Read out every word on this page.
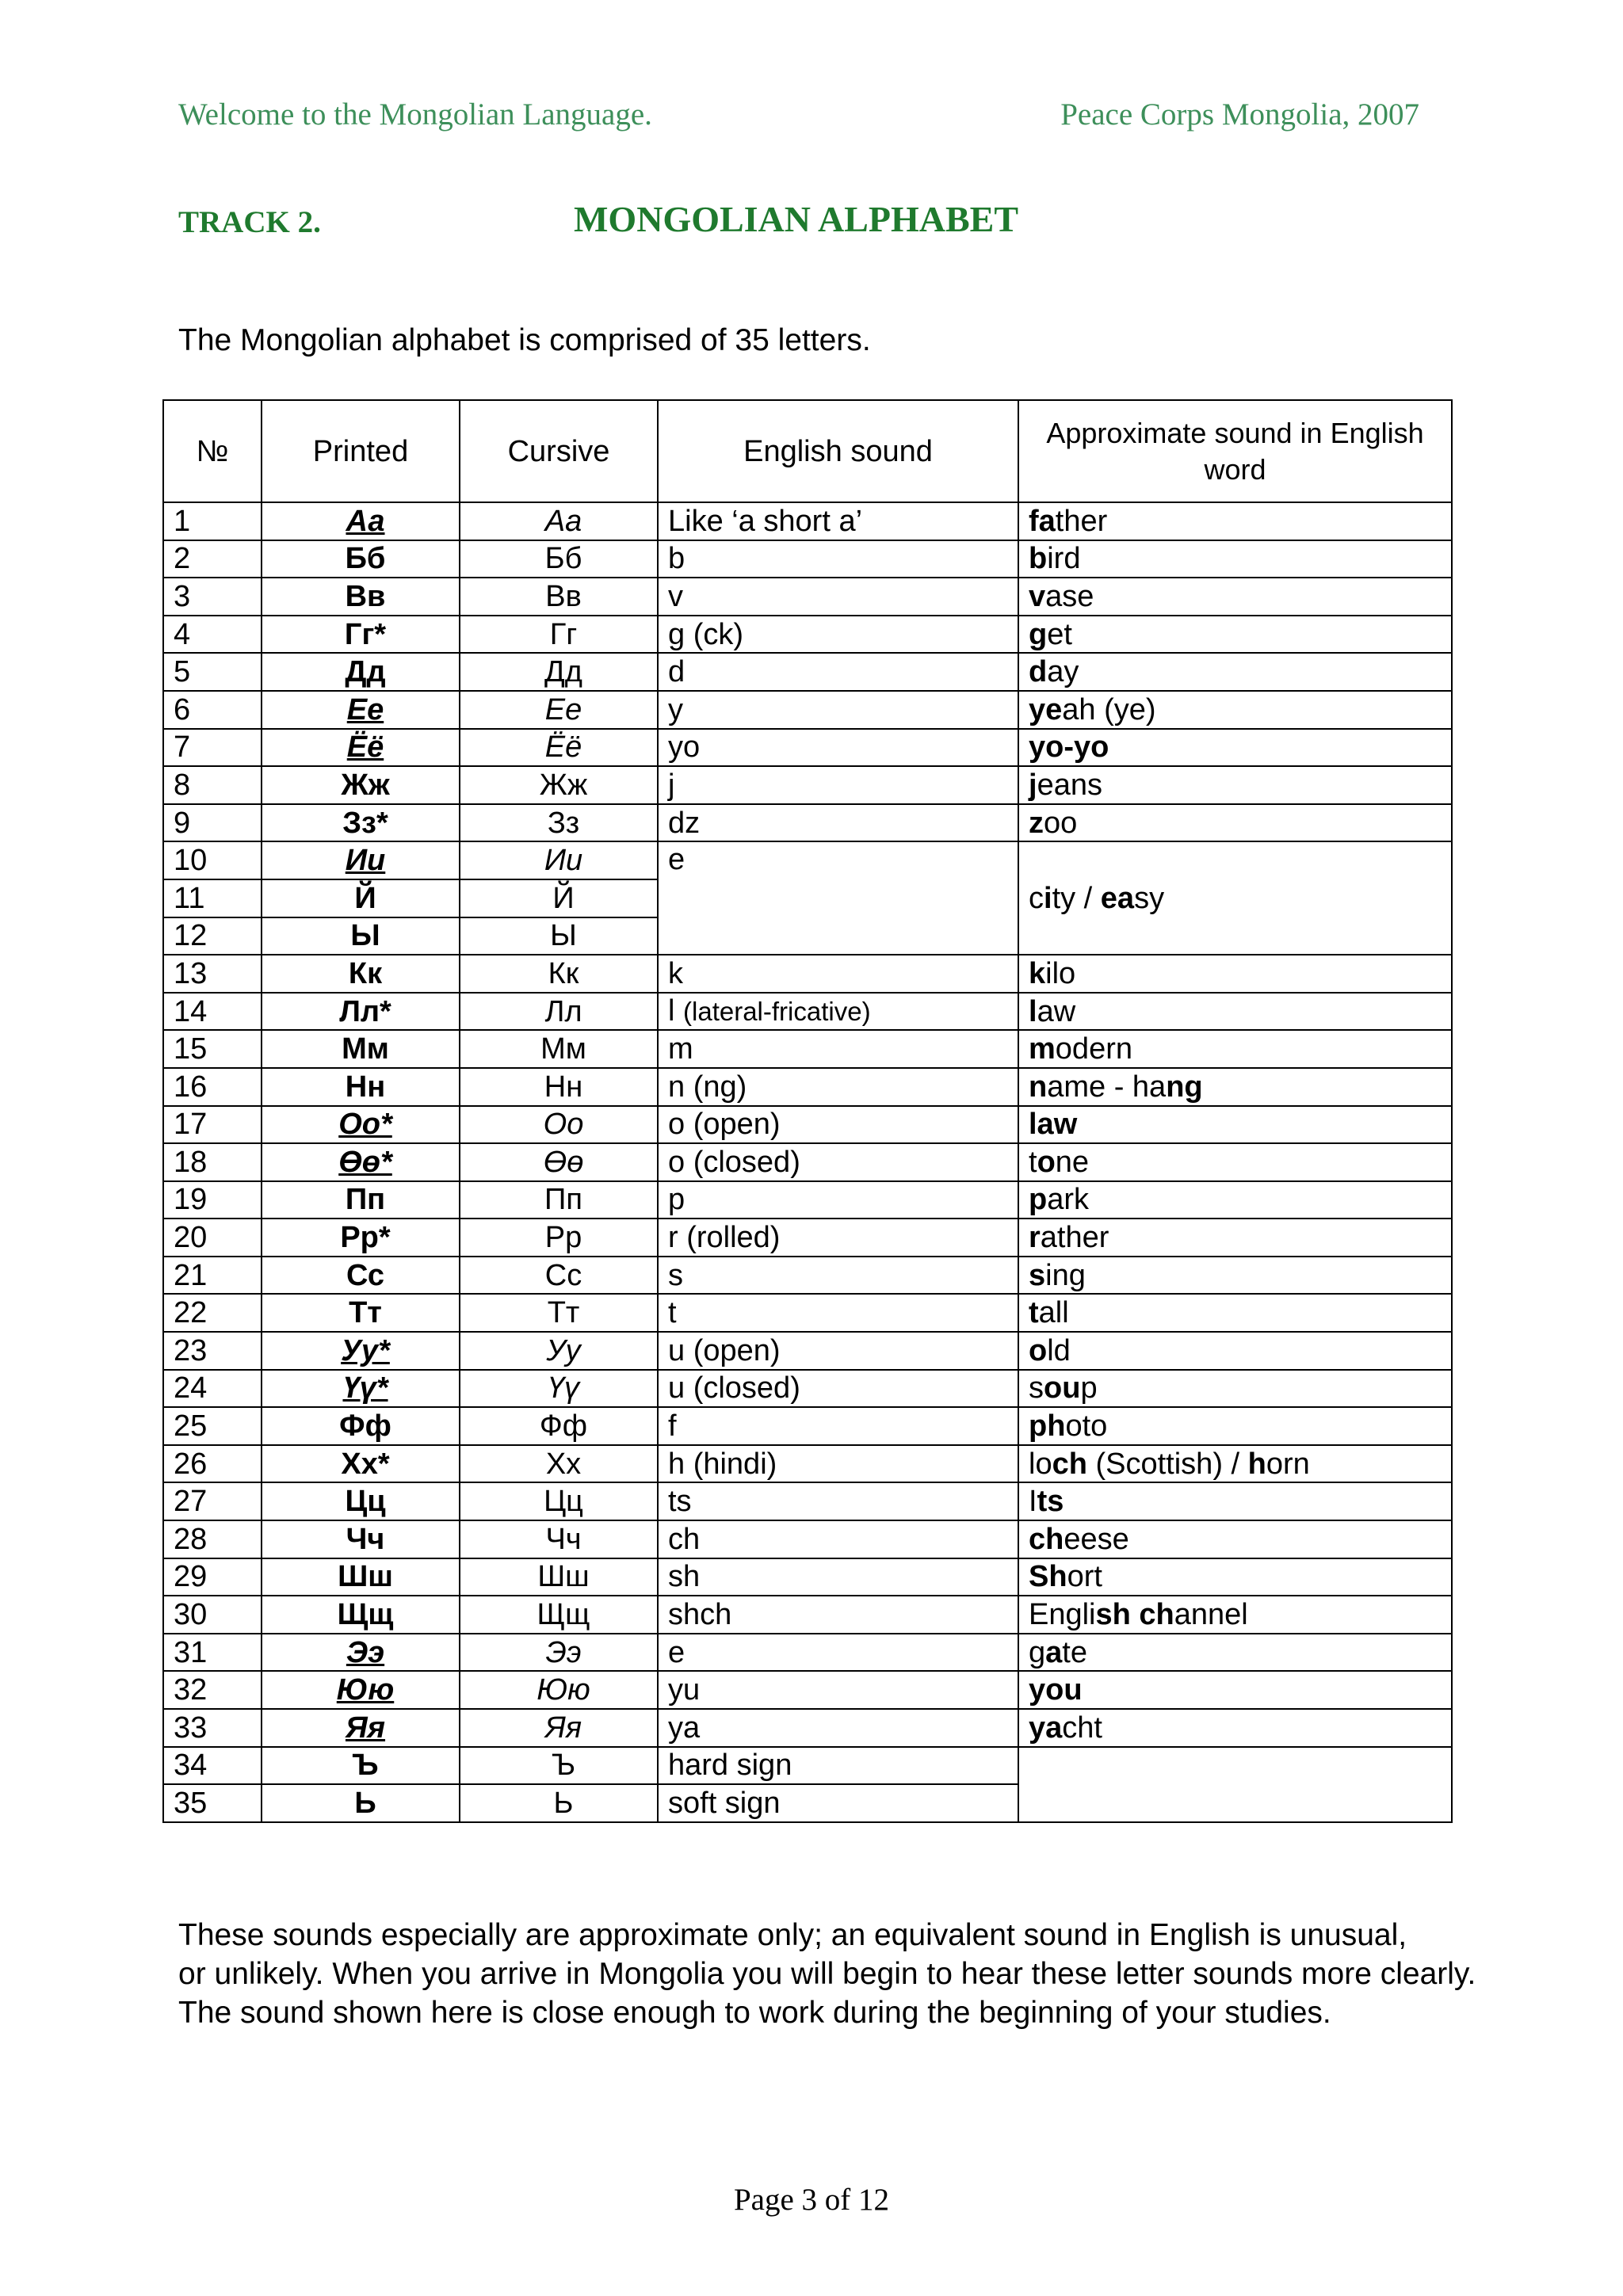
Welcome to the Mongolian Language.	Peace Corps Mongolia, 2007
TRACK 2.	MONGOLIAN ALPHABET
The Mongolian alphabet is comprised of 35 letters.
№	Printed	Cursive	English sound	Approximate sound in English word
1	Аа	Аа	Like ‘a short a’	father
2	Бб	Бб	b	bird
3	Вв	Вв	v	vase
4	Гг*	Гг	g (ck)	get
5	Дд	Дд	d	day
6	Ее	Ее	y	yeah (ye)
7	Ёё	Ёё	yo	yo-yo
8	Жж	Жж	j	jeans
9	Зз*	Зз	dz	zoo
10	Ии	Ии	e	city / easy
11	Й	Й		
12	Ы	Ы		
13	Кк	Кк	k	kilo
14	Лл*	Лл	l (lateral-fricative)	law
15	Мм	Мм	m	modern
16	Нн	Нн	n (ng)	name - hang
17	Оо*	Оо	o (open)	law
18	Өө*	Өө	o (closed)	tone
19	Пп	Пп	p	park
20	Рр*	Рр	r (rolled)	rather
21	Сс	Сс	s	sing
22	Тт	Тт	t	tall
23	Уу*	Уу	u (open)	old
24	Үү*	Үү	u (closed)	soup
25	Фф	Фф	f	photo
26	Хх*	Хх	h (hindi)	loch (Scottish) / horn
27	Цц	Цц	ts	Its
28	Чч	Чч	ch	cheese
29	Шш	Шш	sh	Short
30	Щщ	Щщ	shch	English channel
31	Ээ	Ээ	e	gate
32	Юю	Юю	yu	you
33	Яя	Яя	ya	yacht
34	Ъ	Ъ	hard sign	
35	Ь	Ь	soft sign	
These sounds especially are approximate only; an equivalent sound in English is unusual,
or unlikely. When you arrive in Mongolia you will begin to hear these letter sounds more clearly.
The sound shown here is close enough to work during the beginning of your studies.
Page 3 of 12
